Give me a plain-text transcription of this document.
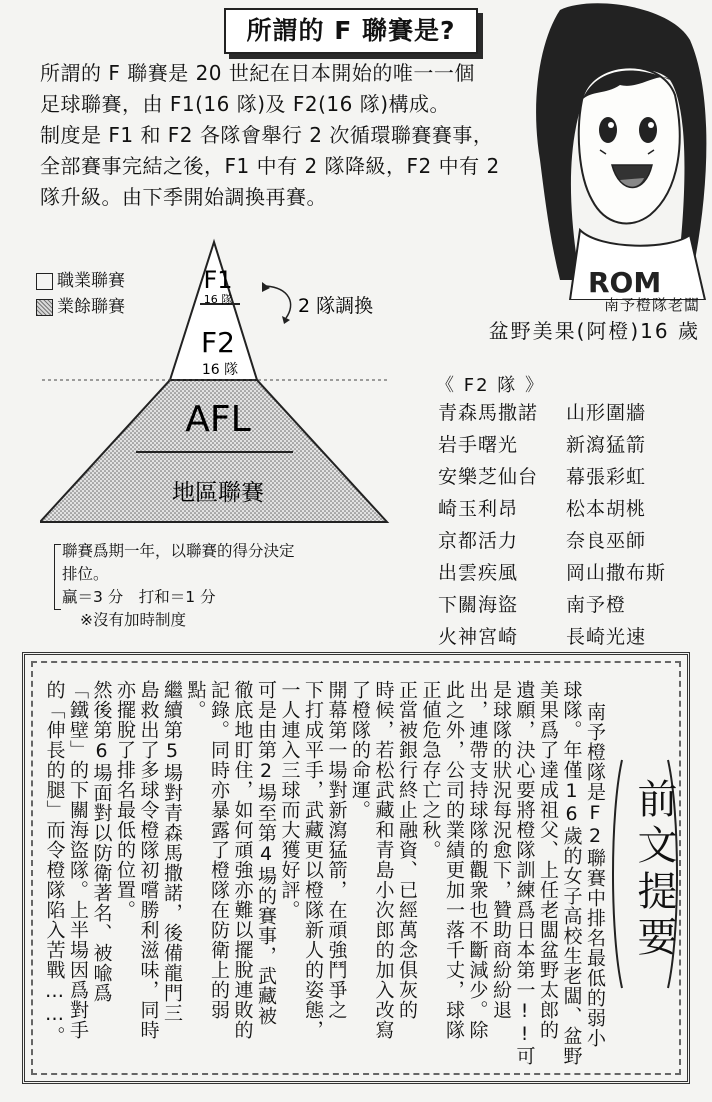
所謂的 F 聯賽是?

所謂的 F 聯賽是 20 世紀在日本開始的唯一一個

足球聯賽，由 F1(16 隊)及 F2(16 隊)構成。

制度是 F1 和 F2 各隊會舉行 2 次循環聯賽賽事，

全部賽事完結之後，F1 中有 2 隊降級，F2 中有 2

隊升級。由下季開始調換再賽。

ROM
南予橙隊老闆
盆野美果(阿橙)16 歲
職業聯賽
業餘聯賽
F1
16 隊
F2
16 隊
AFL
地區聯賽
2 隊調換
聯賽爲期一年，以聯賽的得分決定
排位。
贏＝3 分　打和＝1 分
※沒有加時制度
《 F2 隊 》
青森馬撒諾
岩手曙光
安樂芝仙台
崎玉利昂
京都活力
出雲疾風
下關海盜
火神宮崎
山形圍牆
新瀉猛箭
幕張彩虹
松本胡桃
奈良巫師
岡山撒布斯
南予橙
長崎光速
前文提要
南予橙隊是F2聯賽中排名最低的弱小
球隊。年僅16歲的女子高校生老闆、盆野
美果爲了達成祖父、上任老闆盆野太郎的
遺願，決心要將橙隊訓練爲日本第一!!可
是球隊的狀況每況愈下，贊助商紛紛退
出，連帶支持球隊的觀衆也不斷減少。除
此之外，公司的業績更加一落千丈，球隊
正値危急存亡之秋。
正當被銀行終止融資、已經萬念俱灰的
時候，若松武藏和青島小次郎的加入改寫
了橙隊的命運。
開幕第一場對新瀉猛箭，在頑強鬥爭之
下打成平手，武藏更以橙隊新人的姿態，
一人連入三球而大獲好評。
可是由第2場至第4場的賽事，武藏被
徹底地盯住，如何頑強亦難以擺脫連敗的
記錄。同時亦暴露了橙隊在防衛上的弱
點。
繼續第5場對青森馬撒諾，後備龍門三
島救出了多球令橙隊初嚐勝利滋味，同時
亦擺脫了排名最低的位置。
然後第6場面對以防衛著名、被喩爲
「鐵壁」的下關海盜隊。上半場因爲對手
的「伸長的腿」而令橙隊陷入苦戰……。
